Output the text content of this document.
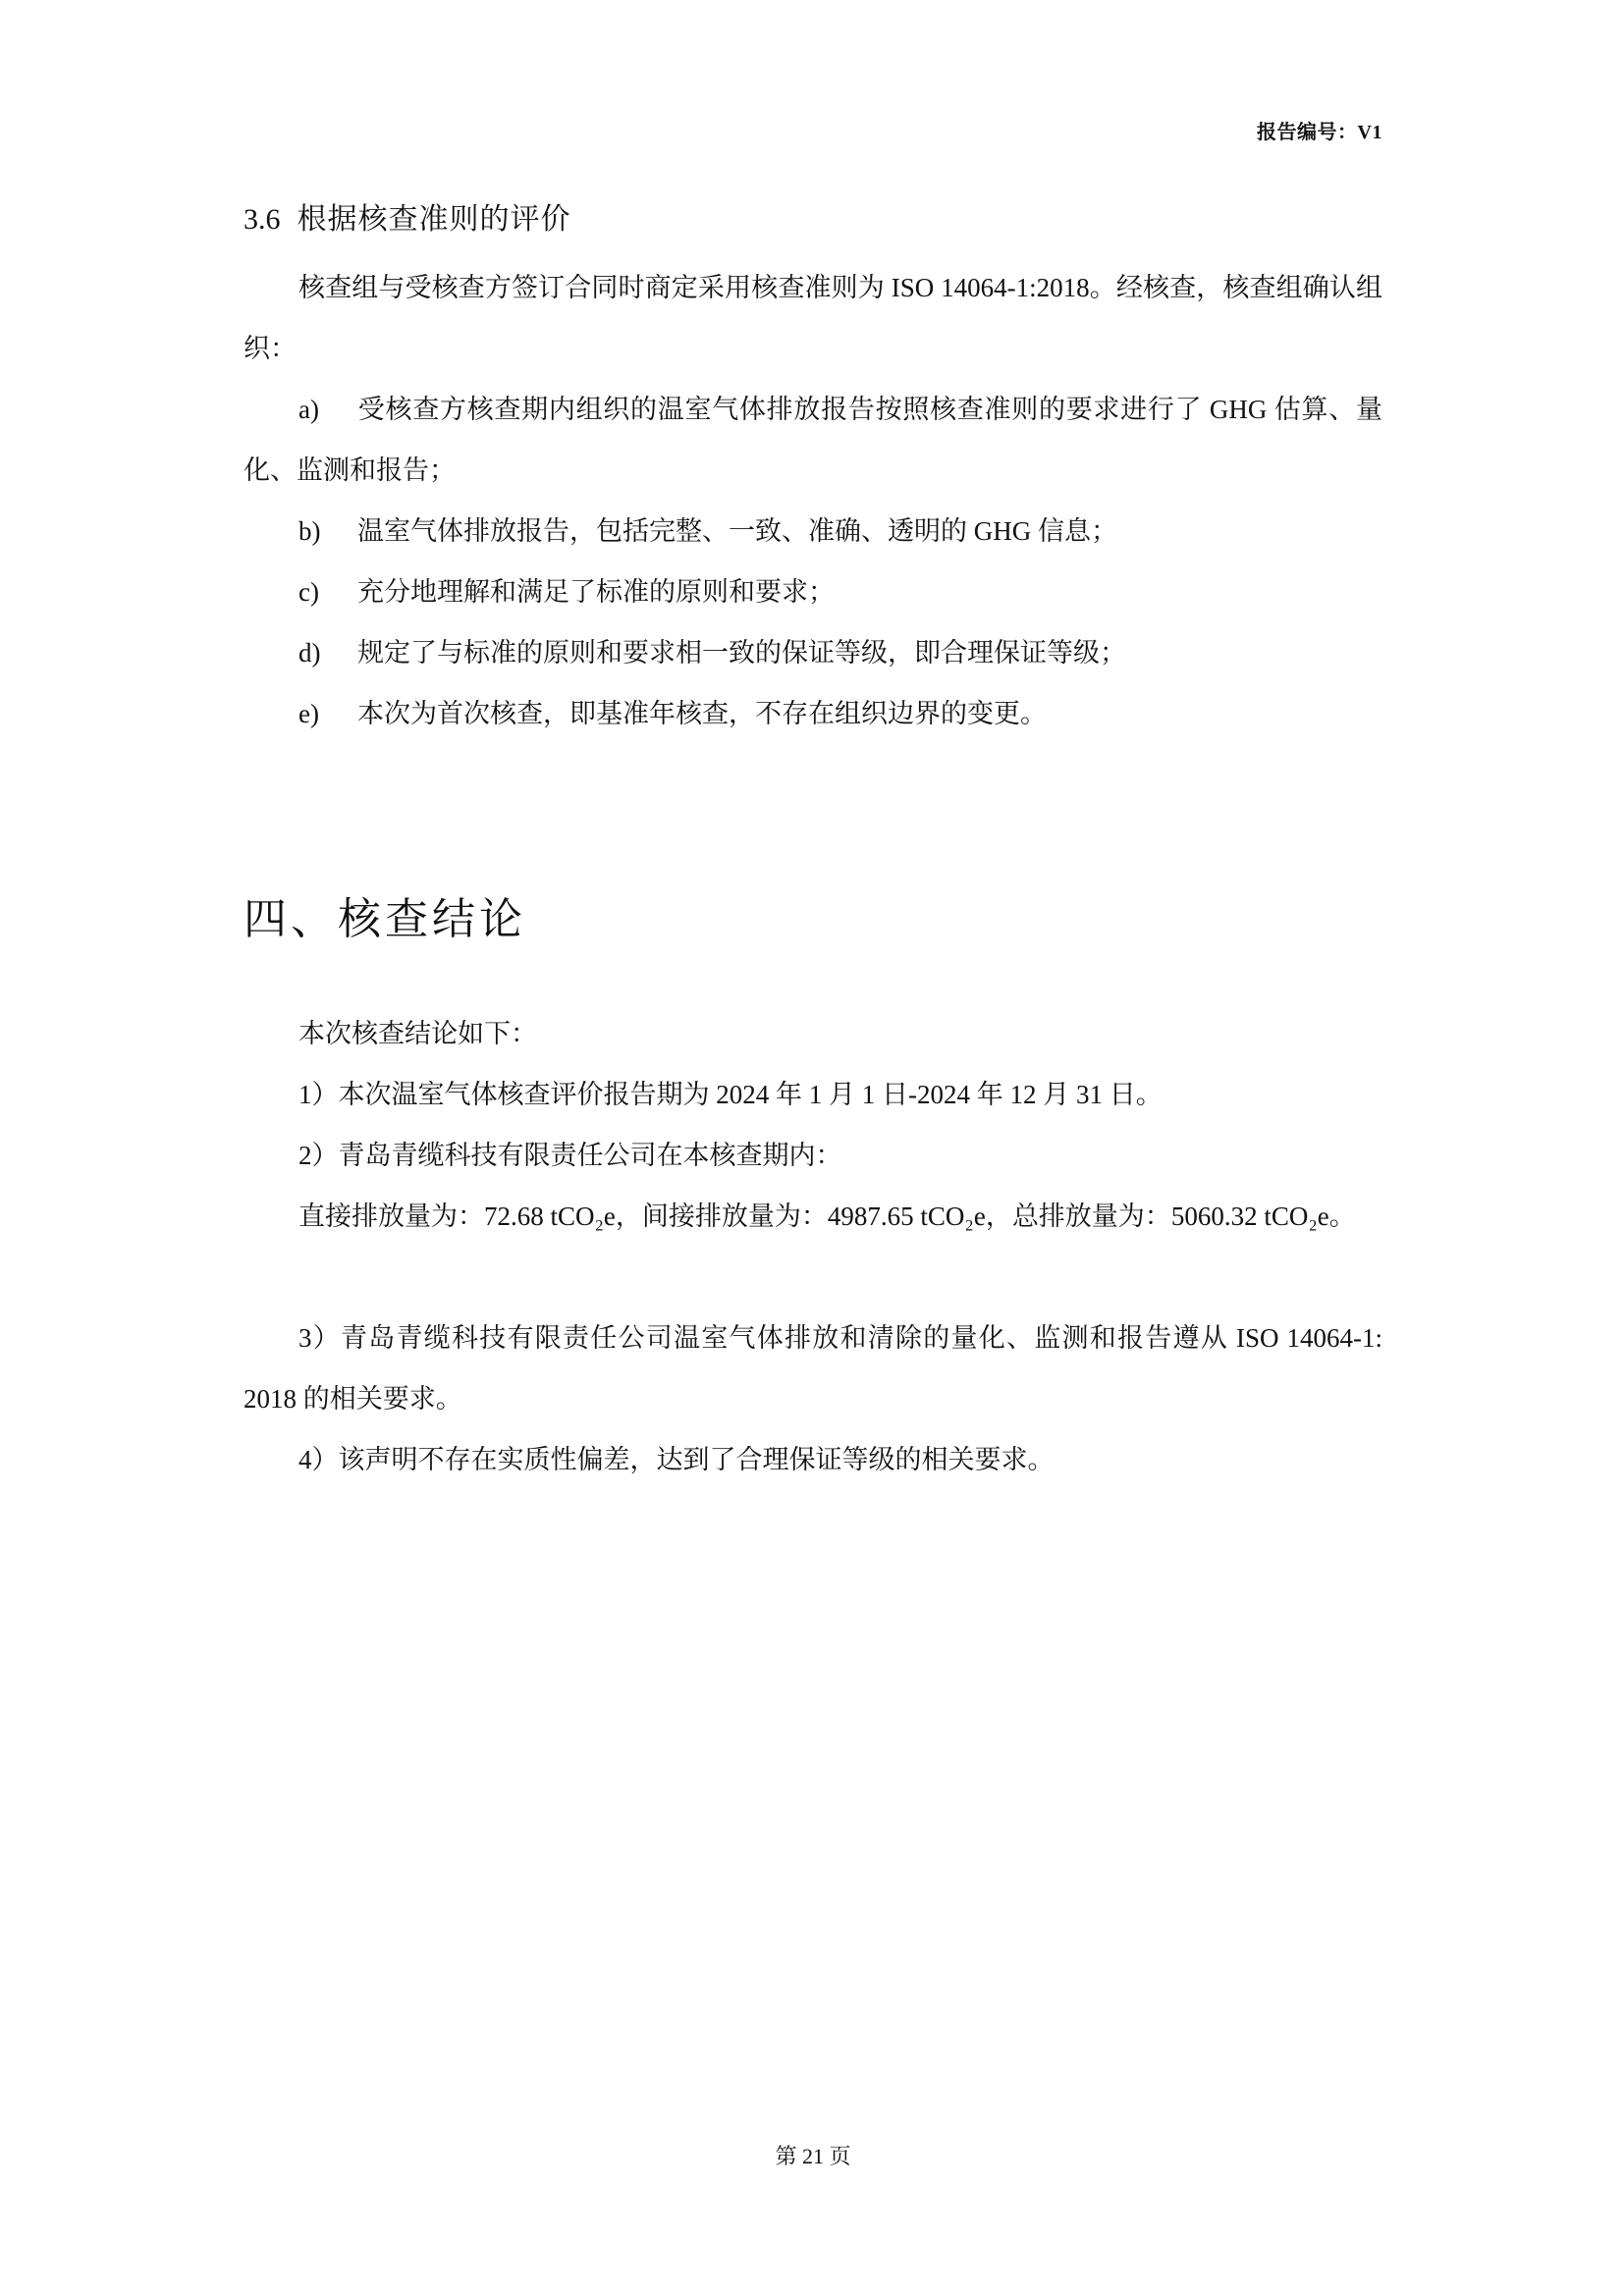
报告编号：V1
3.6 根据核查准则的评价
核查组与受核查方签订合同时商定采用核查准则为 ISO 14064-1:2018。经核查，核查组确认组织：
a) 受核查方核查期内组织的温室气体排放报告按照核查准则的要求进行了 GHG 估算、量化、监测和报告；
b) 温室气体排放报告，包括完整、一致、准确、透明的 GHG 信息；
c) 充分地理解和满足了标准的原则和要求；
d) 规定了与标准的原则和要求相一致的保证等级，即合理保证等级；
e) 本次为首次核查，即基准年核查，不存在组织边界的变更。
四、核查结论
本次核查结论如下：
1）本次温室气体核查评价报告期为 2024 年 1 月 1 日-2024 年 12 月 31 日。
2）青岛青缆科技有限责任公司在本核查期内：
直接排放量为：72.68 tCO₂e，间接排放量为：4987.65 tCO₂e，总排放量为：5060.32 tCO₂e。
3）青岛青缆科技有限责任公司温室气体排放和清除的量化、监测和报告遵从 ISO 14064-1: 2018 的相关要求。
4）该声明不存在实质性偏差，达到了合理保证等级的相关要求。
第 21 页
